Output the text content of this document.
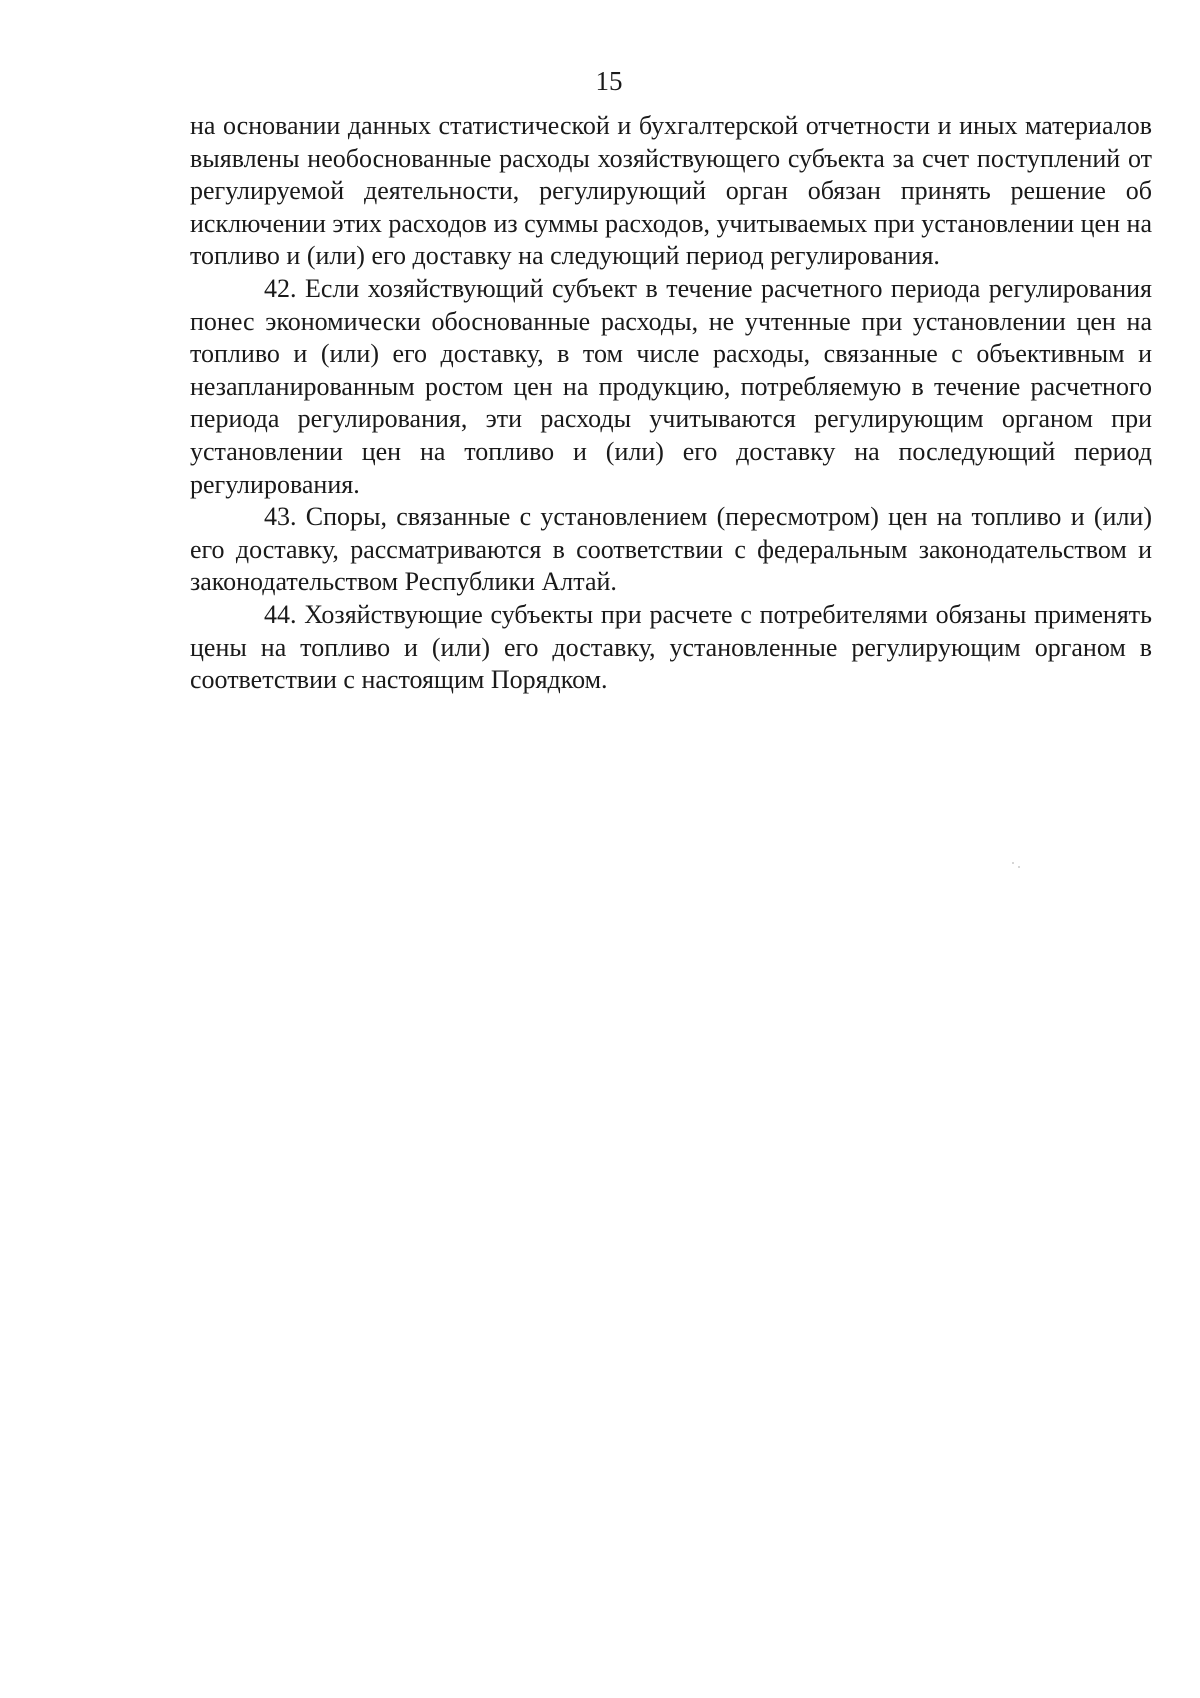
15

на основании данных статистической и бухгалтерской отчетности и иных материалов выявлены необоснованные расходы хозяйствующего субъекта за счет поступлений от регулируемой деятельности, регулирующий орган обязан принять решение об исключении этих расходов из суммы расходов, учитываемых при установлении цен на топливо и (или) его доставку на следующий период регулирования.

42. Если хозяйствующий субъект в течение расчетного периода регулирования понес экономически обоснованные расходы, не учтенные при установлении цен на топливо и (или) его доставку, в том числе расходы, связанные с объективным и незапланированным ростом цен на продукцию, потребляемую в течение расчетного периода регулирования, эти расходы учитываются регулирующим органом при установлении цен на топливо и (или) его доставку на последующий период регулирования.

43. Споры, связанные с установлением (пересмотром) цен на топливо и (или) его доставку, рассматриваются в соответствии с федеральным законодательством и законодательством Республики Алтай.

44. Хозяйствующие субъекты при расчете с потребителями обязаны применять цены на топливо и (или) его доставку, установленные регулирующим органом в соответствии с настоящим Порядком.
